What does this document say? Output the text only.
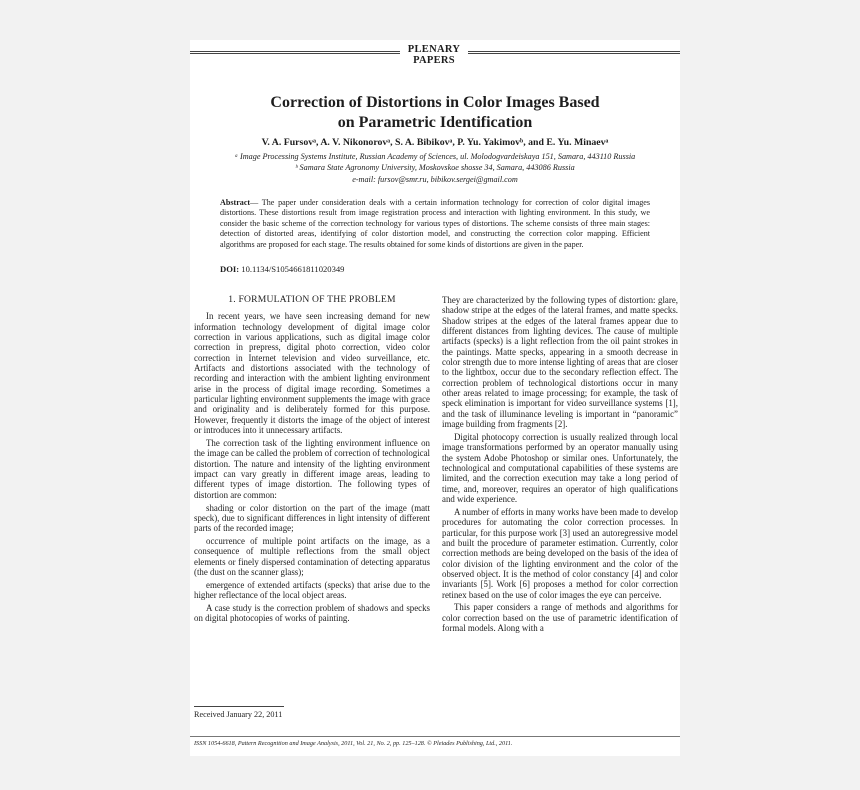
PLENARY
PAPERS
Correction of Distortions in Color Images Based
on Parametric Identification
V. A. Fursovᵃ, A. V. Nikonorovᵃ, S. A. Bibikovᵃ, P. Yu. Yakimovᵇ, and E. Yu. Minaevᵃ
ᵃ Image Processing Systems Institute, Russian Academy of Sciences, ul. Molodogvardeiskaya 151, Samara, 443110 Russia
ᵇ Samara State Agronomy University, Moskovskoe shosse 34, Samara, 443086 Russia
e-mail: fursov@smr.ru, bibikov.sergei@gmail.com
Abstract— The paper under consideration deals with a certain information technology for correction of color digital images distortions. These distortions result from image registration process and interaction with lighting environment. In this study, we consider the basic scheme of the correction technology for various types of distortions. The scheme consists of three main stages: detection of distorted areas, identifying of color distortion model, and constructing the correction color mapping. Efficient algorithms are proposed for each stage. The results obtained for some kinds of distortions are given in the paper.
DOI: 10.1134/S1054661811020349
1. FORMULATION OF THE PROBLEM

In recent years, we have seen increasing demand for new information technology development of digital image color correction in various applications, such as digital image color correction in prepress, digital photo correction, video color correction in Internet television and video surveillance, etc. Artifacts and distortions associated with the technology of recording and interaction with the ambient lighting environment arise in the process of digital image recording. Sometimes a particular lighting environment supplements the image with grace and originality and is deliberately formed for this purpose. However, frequently it distorts the image of the object of interest or introduces into it unnecessary artifacts.

The correction task of the lighting environment influence on the image can be called the problem of correction of technological distortion. The nature and intensity of the lighting environment impact can vary greatly in different image areas, leading to different types of image distortion. The following types of distortion are common:

shading or color distortion on the part of the image (matt speck), due to significant differences in light intensity of different parts of the recorded image;

occurrence of multiple point artifacts on the image, as a consequence of multiple reflections from the small object elements or finely dispersed contamination of detecting apparatus (the dust on the scanner glass);

emergence of extended artifacts (specks) that arise due to the higher reflectance of the local object areas.

A case study is the correction problem of shadows and specks on digital photocopies of works of painting.

They are characterized by the following types of distortion: glare, shadow stripe at the edges of the lateral frames, and matte specks. Shadow stripes at the edges of the lateral frames appear due to different distances from lighting devices. The cause of multiple artifacts (specks) is a light reflection from the oil paint strokes in the paintings. Matte specks, appearing in a smooth decrease in color strength due to more intense lighting of areas that are closer to the lightbox, occur due to the secondary reflection effect. The correction problem of technological distortions occur in many other areas related to image processing; for example, the task of speck elimination is important for video surveillance systems [1], and the task of illuminance leveling is important in “panoramic” image building from fragments [2].

Digital photocopy correction is usually realized through local image transformations performed by an operator manually using the system Adobe Photoshop or similar ones. Unfortunately, the technological and computational capabilities of these systems are limited, and the correction execution may take a long period of time, and, moreover, requires an operator of high qualifications and wide experience.

A number of efforts in many works have been made to develop procedures for automating the color correction processes. In particular, for this purpose work [3] used an autoregressive model and built the procedure of parameter estimation. Currently, color correction methods are being developed on the basis of the idea of color division of the lighting environment and the color of the observed object. It is the method of color constancy [4] and color invariants [5]. Work [6] proposes a method for color correction retinex based on the use of color images the eye can perceive.

This paper considers a range of methods and algorithms for color correction based on the use of parametric identification of formal models. Along with a

Received January 22, 2011
ISSN 1054-6618, Pattern Recognition and Image Analysis, 2011, Vol. 21, No. 2, pp. 125–128. © Pleiades Publishing, Ltd., 2011.
